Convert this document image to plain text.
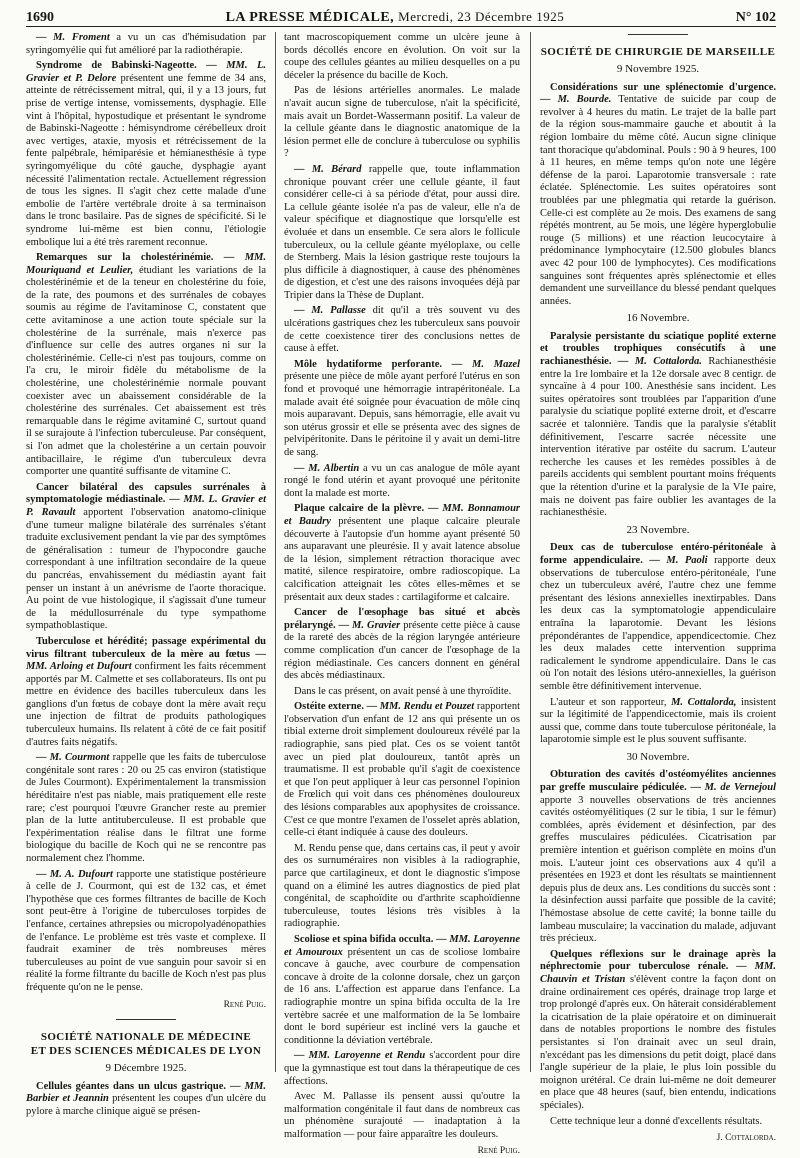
1690	LA PRESSE MÉDICALE, Mercredi, 23 Décembre 1925	N° 102

— M. Froment a vu un cas d'hémisudation par syringomyélie qui fut amélioré par la radiothérapie.

Syndrome de Babinski-Nageotte. — MM. L. Gravier et P. Delore présentent une femme de 34 ans, atteinte de rétrécissement mitral, qui, il y a 13 jours, fut prise de vertige intense, vomissements, dysphagie. Elle vint à l'hôpital, hypostudique et présentant le syndrome de Babinski-Nageotte : hémisyndrome cérébelleux droit avec vertiges, ataxie, myosis et rétrécissement de la fente palpébrale, hémiparésie et hémianesthésie à type syringomyélique du côté gauche, dysphagie ayant nécessité l'alimentation rectale. Actuellement régression de tous les signes. Il s'agit chez cette malade d'une embolie de l'artère vertébrale droite à sa terminaison dans le tronc basilaire. Pas de signes de spécificité. Si le syndrome lui-même est bien connu, l'étiologie embolique lui a été très rarement reconnue.

Remarques sur la cholestérinémie. — MM. Mouriquand et Leulier, étudiant les variations de la cholestérinémie et de la teneur en cholestérine du foie, de la rate, des poumons et des surrénales de cobayes soumis au régime de l'avitaminose C, constatent que cette avitaminose a une action toute spéciale sur la cholestérine de la surrénale, mais n'exerce pas d'influence sur celle des autres organes ni sur la cholestérinémie. Celle-ci n'est pas toujours, comme on l'a cru, le miroir fidèle du métabolisme de la cholestérine, une cholestérinémie normale pouvant coexister avec un abaissement considérable de la cholestérine des surrénales. Cet abaissement est très remarquable dans le régime avitaminé C, surtout quand il se surajoute à l'infection tuberculeuse. Par conséquent, si l'on admet que la cholestérine a un certain pouvoir antibacillaire, le régime d'un tuberculeux devra comporter une quantité suffisante de vitamine C.

Cancer bilatéral des capsules surrénales à symptomatologie médiastinale. — MM. L. Gravier et P. Ravault apportent l'observation anatomo-clinique d'une tumeur maligne bilatérale des surrénales s'étant traduite exclusivement pendant la vie par des symptômes de généralisation : tumeur de l'hypocondre gauche correspondant à une infiltration secondaire de la queue du pancréas, envahissement du médiastin ayant fait penser un instant à un anévrisme de l'aorte thoracique. Au point de vue histologique, il s'agissait d'une tumeur de la médullosurrénale du type sympathome sympathoblastique.

Tuberculose et hérédité; passage expérimental du virus filtrant tuberculeux de la mère au fœtus — MM. Arloing et Dufourt confirment les faits récemment apportés par M. Calmette et ses collaborateurs. Ils ont pu mettre en évidence des bacilles tuberculeux dans les ganglions d'un fœtus de cobaye dont la mère avait reçu une injection de filtrat de produits pathologiques tuberculeux humains. Ils relatent à côté de ce fait positif d'autres faits négatifs.

— M. Courmont rappelle que les faits de tuberculose congénitale sont rares : 20 ou 25 cas environ (statistique de Jules Courmont). Expérimentalement la transmission héréditaire n'est pas niable, mais pratiquement elle reste rare; c'est pourquoi l'œuvre Grancher reste au premier plan de la lutte antituberculeuse. Il est probable que l'expérimentation réalise dans le filtrat une forme biologique du bacille de Koch qui ne se rencontre pas normalement chez l'homme.

— M. A. Dufourt rapporte une statistique postérieure à celle de J. Courmont, qui est de 132 cas, et émet l'hypothèse que ces formes filtrantes de bacille de Koch sont peut-être à l'origine de tuberculoses torpides de l'enfance, certaines athrepsies ou micropolyadénopathies de l'enfance. Le problème est très vaste et complexe. Il faudrait examiner de très nombreuses mères tuberculeuses au point de vue sanguin pour savoir si en réalité la forme filtrante du bacille de Koch n'est pas plus fréquente qu'on ne le pense.

René Puig.

SOCIÉTÉ NATIONALE DE MÉDECINE
ET DES SCIENCES MÉDICALES DE LYON

9 Décembre 1925.

Cellules géantes dans un ulcus gastrique. — MM. Barbier et Jeannin présentent les coupes d'un ulcère du pylore à marche clinique aiguë se présen-

tant macroscopiquement comme un ulcère jeune à bords décollés encore en évolution. On voit sur la coupe des cellules géantes au milieu desquelles on a pu déceler la présence du bacille de Koch.

Pas de lésions artérielles anormales. Le malade n'avait aucun signe de tuberculose, n'ait la spécificité, mais avait un Bordet-Wassermann positif. La valeur de la cellule géante dans le diagnostic anatomique de la lésion permet elle de conclure à tuberculose ou syphilis ?

— M. Bérard rappelle que, toute inflammation chronique pouvant créer une cellule géante, il faut considérer celle-ci à sa période d'état, pour aussi dire. La cellule géante isolée n'a pas de valeur, elle n'a de valeur spécifique et diagnostique que lorsqu'elle est évoluée et dans un ensemble. Ce sera alors le follicule tuberculeux, ou la cellule géante myéloplaxe, ou celle de Sternberg. Mais la lésion gastrique reste toujours la plus difficile à diagnostiquer, à cause des phénomènes de digestion, et c'est une des raisons invoquées déjà par Tripier dans la Thèse de Duplant.

— M. Pallasse dit qu'il a très souvent vu des ulcérations gastriques chez les tuberculeux sans pouvoir de cette coexistence tirer des conclusions nettes de cause à effet.

Môle hydatiforme perforante. — M. Mazel présente une pièce de môle ayant perforé l'utérus en son fond et provoqué une hémorragie intrapéritonéale. La malade avait été soignée pour évacuation de môle cinq mois auparavant. Depuis, sans hémorragie, elle avait vu son utérus grossir et elle se présenta avec des signes de pelvipéritonite. Dans le péritoine il y avait un demi-litre de sang.

— M. Albertin a vu un cas analogue de môle ayant rongé le fond utérin et ayant provoqué une péritonite dont la malade est morte.

Plaque calcaire de la plèvre. — MM. Bonnamour et Baudry présentent une plaque calcaire pleurale découverte à l'autopsie d'un homme ayant présenté 50 ans auparavant une pleurésie. Il y avait latence absolue de la lésion, simplement rétraction thoracique avec matité, silence respiratoire, ombre radioscopique. La calcification atteignait les côtes elles-mêmes et se présentait aux deux stades : cartilagiforme et calcaire.

Cancer de l'œsophage bas situé et abcès prélaryngé. — M. Gravier présente cette pièce à cause de la rareté des abcès de la région laryngée antérieure comme complication d'un cancer de l'œsophage de la région médiastinale. Ces cancers donnent en général des abcès médiastinaux.

Dans le cas présent, on avait pensé à une thyroïdite.

Ostéite externe. — MM. Rendu et Pouzet rapportent l'observation d'un enfant de 12 ans qui présente un os tibial externe droit simplement douloureux révélé par la radiographie, sans pied plat. Ces os se voient tantôt avec un pied plat douloureux, tantôt après un traumatisme. Il est probable qu'il s'agit de coexistence et que l'on peut appliquer à leur cas personnel l'opinion de Frœlich qui voit dans ces phénomènes douloureux des lésions comparables aux apophysites de croissance. C'est ce que montre l'examen de l'osselet après ablation, celle-ci étant indiquée à cause des douleurs.

M. Rendu pense que, dans certains cas, il peut y avoir des os surnuméraires non visibles à la radiographie, parce que cartilagineux, et dont le diagnostic s'impose quand on a éliminé les autres diagnostics de pied plat congénital, de scaphoïdite ou d'arthrite scaphoïdienne tuberculeuse, toutes lésions très visibles à la radiographie.

Scoliose et spina bifida occulta. — MM. Laroyenne et Amouroux présentent un cas de scoliose lombaire concave à gauche, avec courbure de compensation concave à droite de la colonne dorsale, chez un garçon de 16 ans. L'affection est apparue dans l'enfance. La radiographie montre un spina bifida occulta de la 1re vertèbre sacrée et une malformation de la 5e lombaire dont le bord supérieur est incliné vers la gauche et conditionne la déviation vertébrale.

— MM. Laroyenne et Rendu s'accordent pour dire que la gymnastique est tout dans la thérapeutique de ces affections.

Avec M. Pallasse ils pensent aussi qu'outre la malformation congénitale il faut dans de nombreux cas un phénomène surajouté — inadaptation à la malformation — pour faire apparaître les douleurs.

René Puig.

SOCIÉTÉ DE CHIRURGIE DE MARSEILLE

9 Novembre 1925.

Considérations sur une splénectomie d'urgence. — M. Bourde. Tentative de suicide par coup de revolver à 4 heures du matin. Le trajet de la balle part de la région sous-mammaire gauche et aboutit à la région lombaire du même côté. Aucun signe clinique tant thoracique qu'abdominal. Pouls : 90 à 9 heures, 100 à 11 heures, en même temps qu'on note une légère défense de la paroi. Laparotomie transversale : rate éclatée. Splénectomie. Les suites opératoires sont troublées par une phlegmatia qui retarde la guérison. Celle-ci est complète au 2e mois. Des examens de sang répétés montrent, au 5e mois, une légère hyperglobulie rouge (5 millions) et une réaction leucocytaire à prédominance lymphocytaire (12.500 globules blancs avec 42 pour 100 de lymphocytes). Ces modifications sanguines sont fréquentes après splénectomie et elles demandent une surveillance du blessé pendant quelques années.

16 Novembre.

Paralysie persistante du sciatique poplité externe et troubles trophiques consécutifs à une rachianesthésie. — M. Cottalorda. Rachianesthésie entre la 1re lombaire et la 12e dorsale avec 8 centigr. de syncaïne à 4 pour 100. Anesthésie sans incident. Les suites opératoires sont troublées par l'apparition d'une paralysie du sciatique poplité externe droit, et d'escarre sacrée et talonnière. Tandis que la paralysie s'établit définitivement, l'escarre sacrée nécessite une intervention itérative par ostéite du sacrum. L'auteur recherche les causes et les remèdes possibles à de pareils accidents qui semblent pourtant moins fréquents que la rétention d'urine et la paralysie de la VIe paire, mais ne doivent pas faire oublier les avantages de la rachianesthésie.

23 Novembre.

Deux cas de tuberculose entéro-péritonéale à forme appendiculaire. — M. Paoli rapporte deux observations de tuberculose entéro-péritonéale, l'une chez un tuberculeux avéré, l'autre chez une femme présentant des lésions annexielles inextirpables. Dans les deux cas la symptomatologie appendiculaire entraîna la laparotomie. Devant les lésions prépondérantes de l'appendice, appendicectomie. Chez les deux malades cette intervention supprima radicalement le syndrome appendiculaire. Dans le cas où l'on notait des lésions utéro-annexielles, la guérison semble être définitivement intervenue.

L'auteur et son rapporteur, M. Cottalorda, insistent sur la légitimité de l'appendicectomie, mais ils croient aussi que, comme dans toute tuberculose péritonéale, la laparotomie simple est le plus souvent suffisante.

30 Novembre.

Obturation des cavités d'ostéomyélites anciennes par greffe musculaire pédiculée. — M. de Vernejoul apporte 3 nouvelles observations de très anciennes cavités ostéomyélitiques (2 sur le tibia, 1 sur le fémur) comblées, après évidement et désinfection, par des greffes musculaires pédiculées. Cicatrisation par première intention et guérison complète en moins d'un mois. L'auteur joint ces observations aux 4 qu'il a présentées en 1923 et dont les résultats se maintiennent depuis plus de deux ans. Les conditions du succès sont : la désinfection aussi parfaite que possible de la cavité; l'hémostase absolue de cette cavité; la bonne taille du lambeau musculaire; la vaccination du malade, adjuvant très précieux.

Quelques réflexions sur le drainage après la néphrectomie pour tuberculose rénale. — MM. Chauvin et Tristan s'élèvent contre la façon dont on draine ordinairement ces opérés, drainage trop large et trop prolongé d'après eux. On hâterait considérablement la cicatrisation de la plaie opératoire et on diminuerait dans de notables proportions le nombre des fistules persistantes si l'on drainait avec un seul drain, n'excédant pas les dimensions du petit doigt, placé dans l'angle supérieur de la plaie, le plus loin possible du moignon urétéral. Ce drain lui-même ne doit demeurer en place que 48 heures (sauf, bien entendu, indications spéciales).

Cette technique leur a donné d'excellents résultats.

J. Cottalorda.
